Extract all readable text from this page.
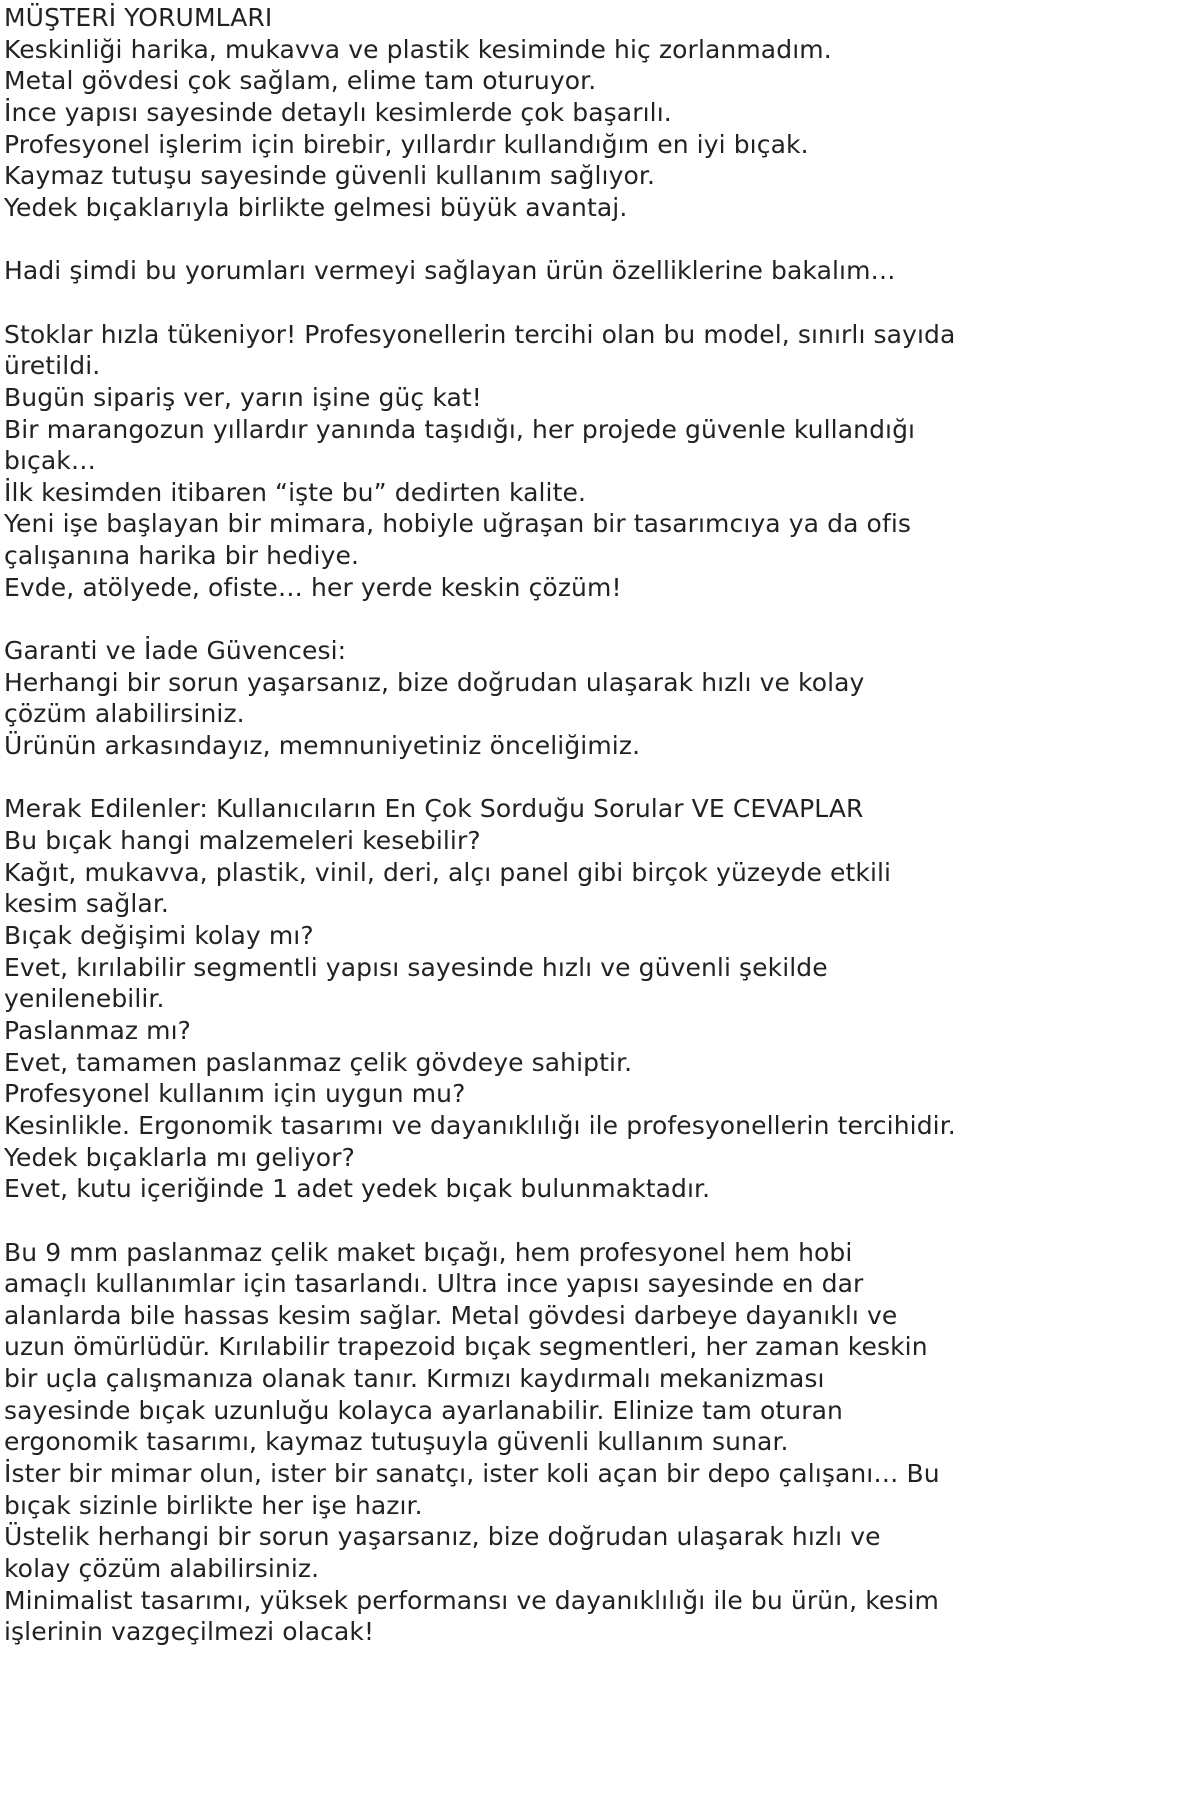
MÜŞTERİ YORUMLARI
Keskinliği harika, mukavva ve plastik kesiminde hiç zorlanmadım.
Metal gövdesi çok sağlam, elime tam oturuyor.
İnce yapısı sayesinde detaylı kesimlerde çok başarılı.
Profesyonel işlerim için birebir, yıllardır kullandığım en iyi bıçak.
Kaymaz tutuşu sayesinde güvenli kullanım sağlıyor.
Yedek bıçaklarıyla birlikte gelmesi büyük avantaj.
Hadi şimdi bu yorumları vermeyi sağlayan ürün özelliklerine bakalım…
Stoklar hızla tükeniyor! Profesyonellerin tercihi olan bu model, sınırlı sayıda
üretildi.
Bugün sipariş ver, yarın işine güç kat!
Bir marangozun yıllardır yanında taşıdığı, her projede güvenle kullandığı
bıçak…
İlk kesimden itibaren “işte bu” dedirten kalite.
Yeni işe başlayan bir mimara, hobiyle uğraşan bir tasarımcıya ya da ofis
çalışanına harika bir hediye.
Evde, atölyede, ofiste… her yerde keskin çözüm!
Garanti ve İade Güvencesi:
Herhangi bir sorun yaşarsanız, bize doğrudan ulaşarak hızlı ve kolay
çözüm alabilirsiniz.
Ürünün arkasındayız, memnuniyetiniz önceliğimiz.
Merak Edilenler: Kullanıcıların En Çok Sorduğu Sorular VE CEVAPLAR
Bu bıçak hangi malzemeleri kesebilir?
Kağıt, mukavva, plastik, vinil, deri, alçı panel gibi birçok yüzeyde etkili
kesim sağlar.
Bıçak değişimi kolay mı?
Evet, kırılabilir segmentli yapısı sayesinde hızlı ve güvenli şekilde
yenilenebilir.
Paslanmaz mı?
Evet, tamamen paslanmaz çelik gövdeye sahiptir.
Profesyonel kullanım için uygun mu?
Kesinlikle. Ergonomik tasarımı ve dayanıklılığı ile profesyonellerin tercihidir.
Yedek bıçaklarla mı geliyor?
Evet, kutu içeriğinde 1 adet yedek bıçak bulunmaktadır.
Bu 9 mm paslanmaz çelik maket bıçağı, hem profesyonel hem hobi
amaçlı kullanımlar için tasarlandı. Ultra ince yapısı sayesinde en dar
alanlarda bile hassas kesim sağlar. Metal gövdesi darbeye dayanıklı ve
uzun ömürlüdür. Kırılabilir trapezoid bıçak segmentleri, her zaman keskin
bir uçla çalışmanıza olanak tanır. Kırmızı kaydırmalı mekanizması
sayesinde bıçak uzunluğu kolayca ayarlanabilir. Elinize tam oturan
ergonomik tasarımı, kaymaz tutuşuyla güvenli kullanım sunar.
İster bir mimar olun, ister bir sanatçı, ister koli açan bir depo çalışanı… Bu
bıçak sizinle birlikte her işe hazır.
Üstelik herhangi bir sorun yaşarsanız, bize doğrudan ulaşarak hızlı ve
kolay çözüm alabilirsiniz.
Minimalist tasarımı, yüksek performansı ve dayanıklılığı ile bu ürün, kesim
işlerinin vazgeçilmezi olacak!
